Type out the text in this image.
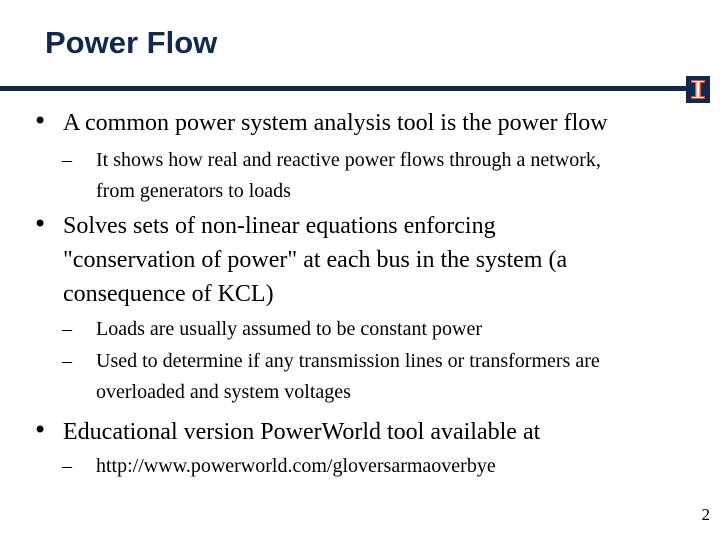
Power Flow
• A common power system analysis tool is the power flow
– It shows how real and reactive power flows through a network,
from generators to loads
• Solves sets of non-linear equations enforcing
"conservation of power" at each bus in the system (a
consequence of KCL)
– Loads are usually assumed to be constant power
– Used to determine if any transmission lines or transformers are
overloaded and system voltages
• Educational version PowerWorld tool available at
– http://www.powerworld.com/gloversarmaoverbye
2
